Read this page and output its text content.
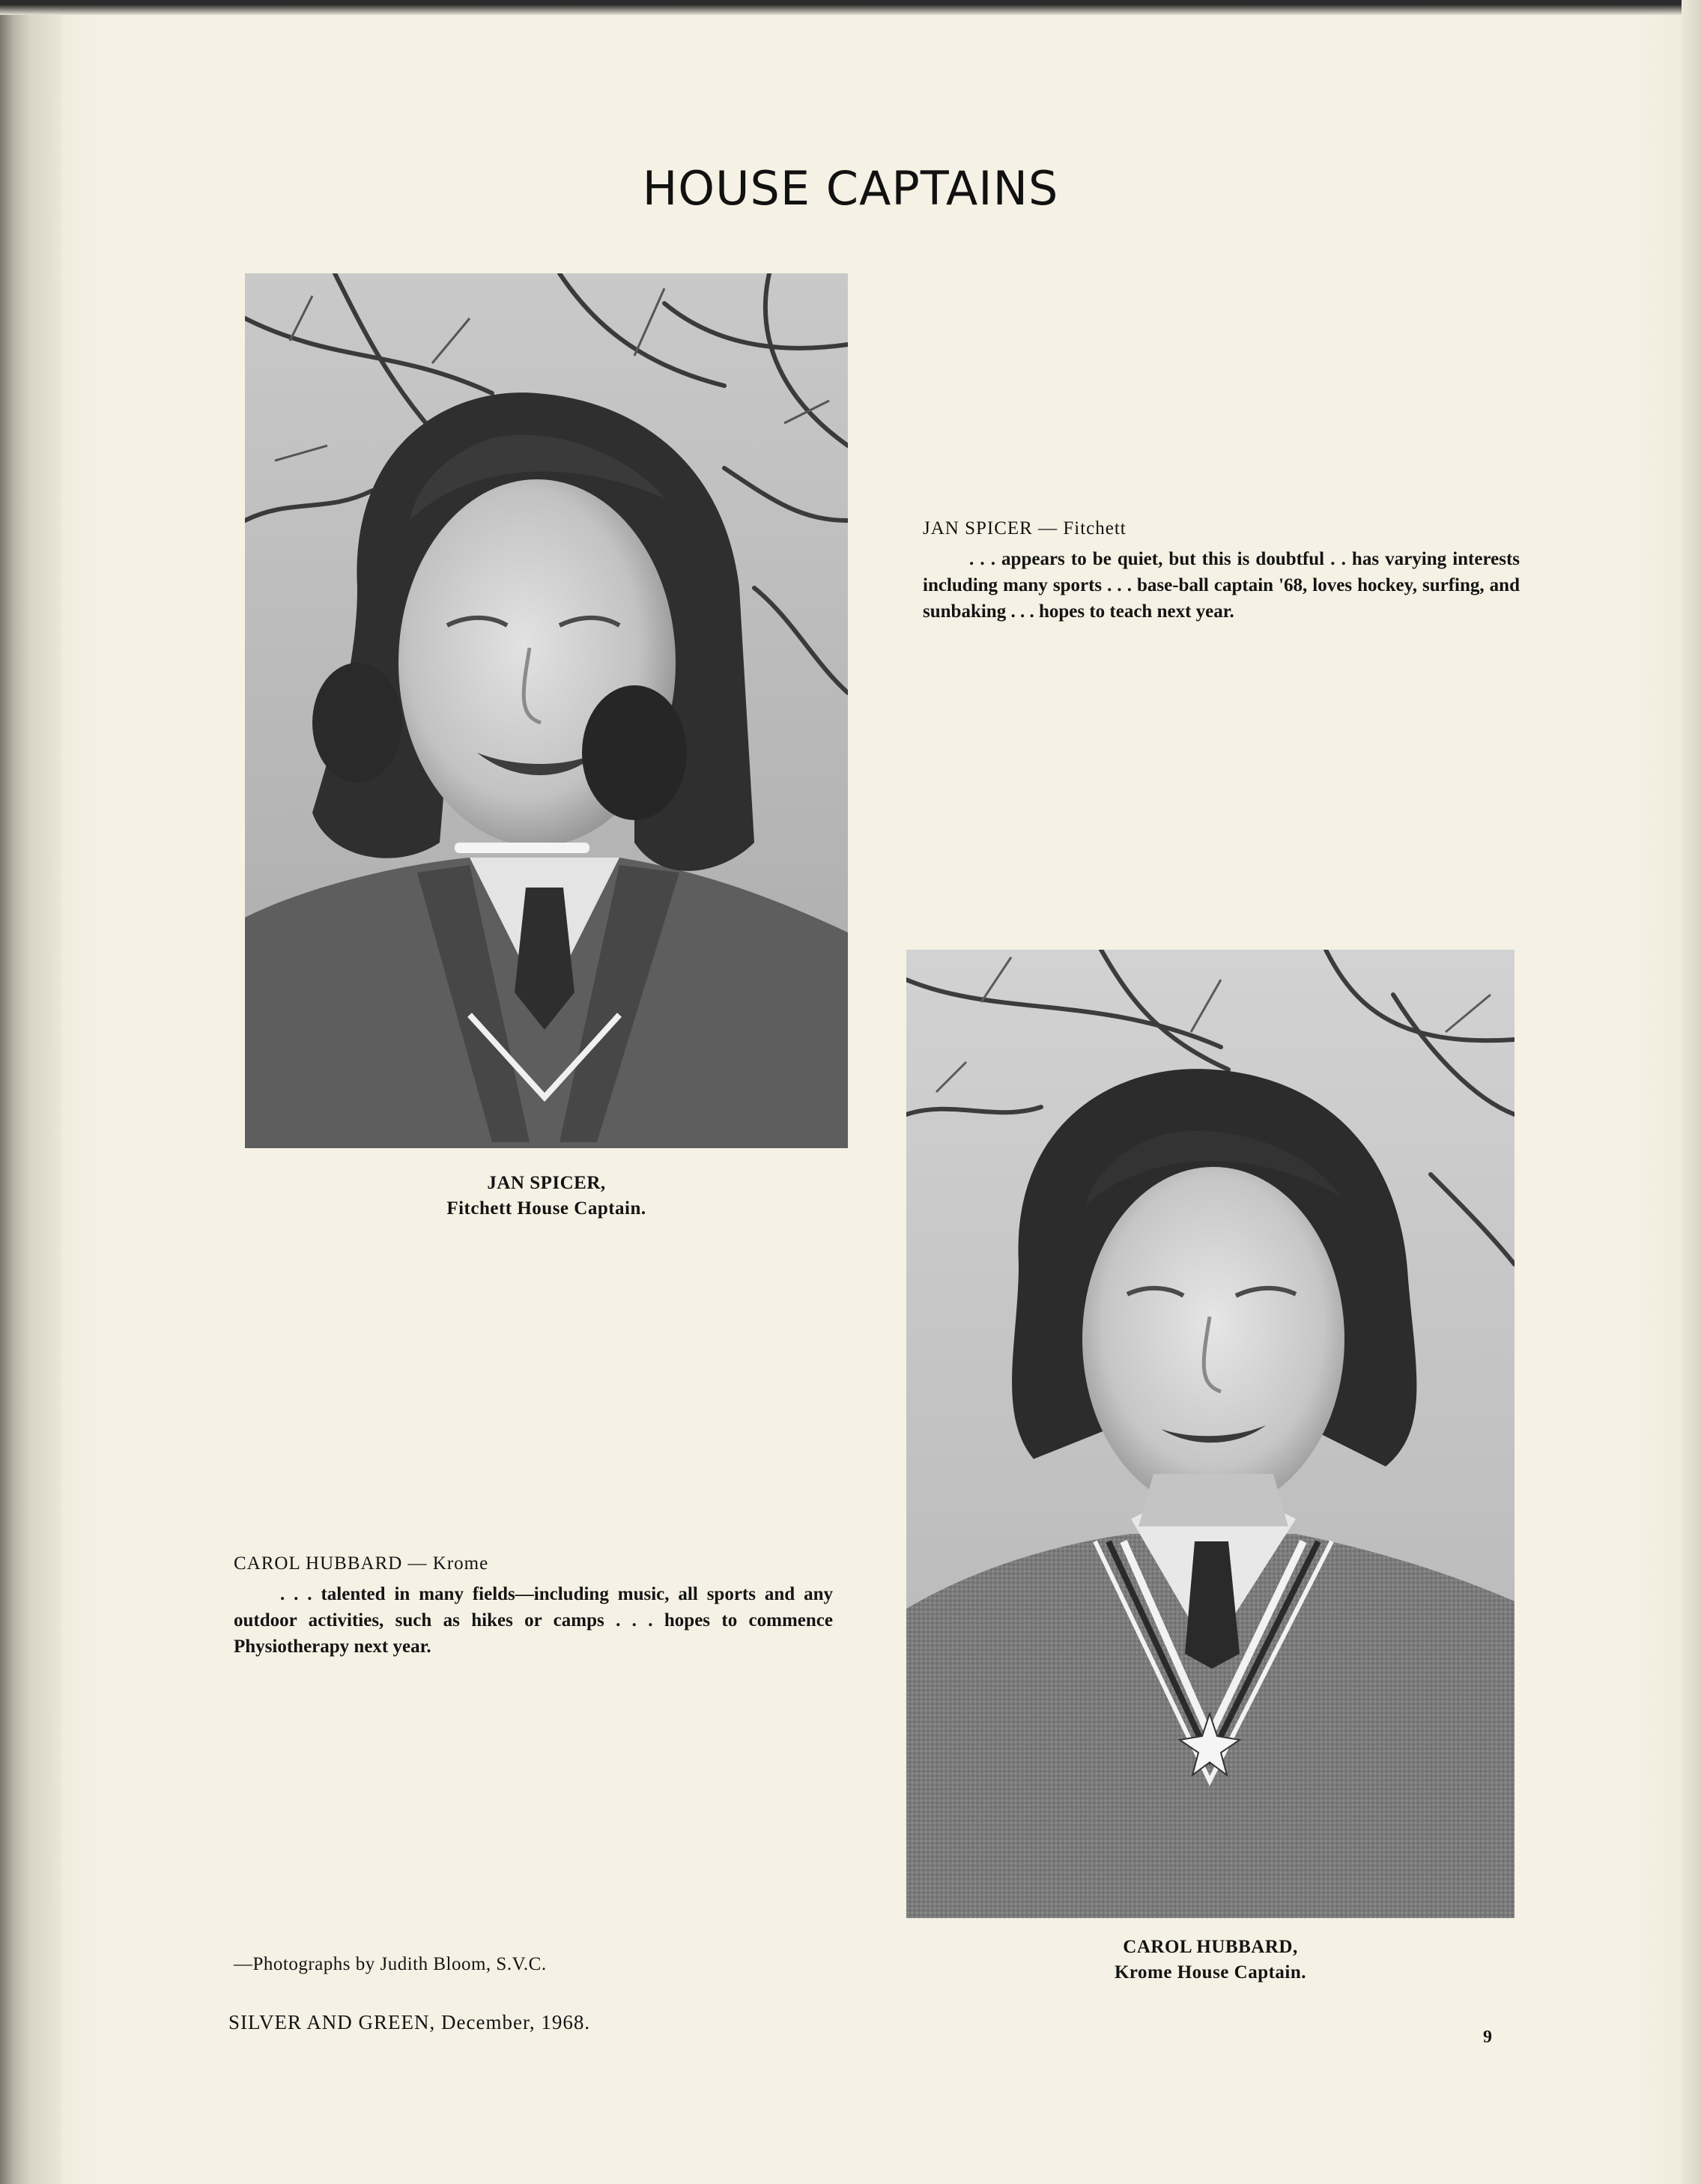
HOUSE CAPTAINS
JAN SPICER,
Fitchett House Captain.
JAN SPICER — Fitchett
. . . appears to be quiet, but this is doubtful . . has varying interests including many sports . . . base-ball captain '68, loves hockey, surfing, and sunbaking . . . hopes to teach next year.
CAROL HUBBARD,
Krome House Captain.
CAROL HUBBARD — Krome
. . . talented in many fields—including music, all sports and any outdoor activities, such as hikes or camps . . . hopes to commence Physiotherapy next year.
—Photographs by Judith Bloom, S.V.C.
SILVER AND GREEN, December, 1968.
9
